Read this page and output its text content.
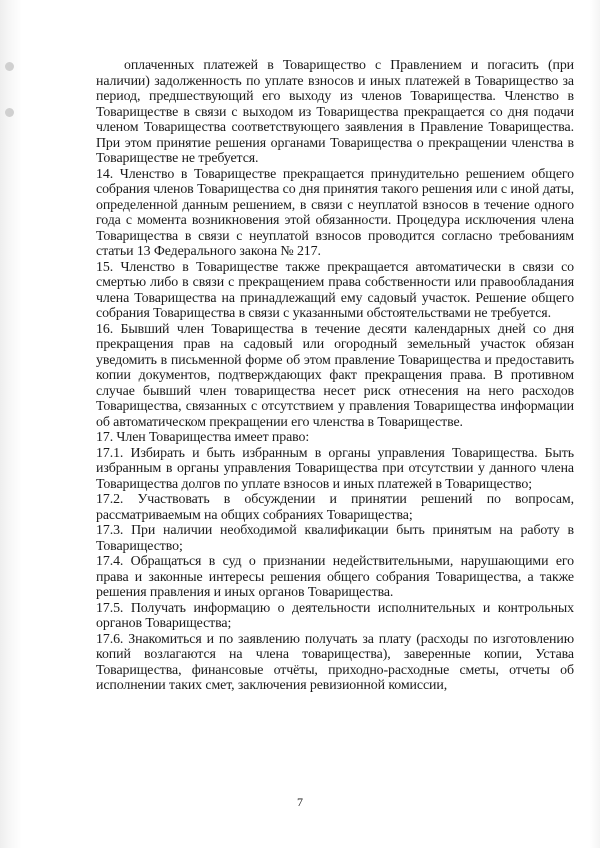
оплаченных платежей в Товарищество с Правлением и погасить (при наличии) задолженность по уплате взносов и иных платежей в Товарищество за период, предшествующий его выходу из членов Товарищества. Членство в Товариществе в связи с выходом из Товарищества прекращается со дня подачи членом Товарищества соответствующего заявления в Правление Товарищества. При этом принятие решения органами Товарищества о прекращении членства в Товариществе не требуется.

14. Членство в Товариществе прекращается принудительно решением общего собрания членов Товарищества со дня принятия такого решения или с иной даты, определенной данным решением, в связи с неуплатой взносов в течение одного года с момента возникновения этой обязанности. Процедура исключения члена Товарищества в связи с неуплатой взносов проводится согласно требованиям статьи 13 Федерального закона № 217.

15. Членство в Товариществе также прекращается автоматически в связи со смертью либо в связи с прекращением права собственности или правообладания члена Товарищества на принадлежащий ему садовый участок. Решение общего собрания Товарищества в связи с указанными обстоятельствами не требуется.

16. Бывший член Товарищества в течение десяти календарных дней со дня прекращения прав на садовый или огородный земельный участок обязан уведомить в письменной форме об этом правление Товарищества и предоставить копии документов, подтверждающих факт прекращения права. В противном случае бывший член товарищества несет риск отнесения на него расходов Товарищества, связанных с отсутствием у правления Товарищества информации об автоматическом прекращении его членства в Товариществе.

17. Член Товарищества имеет право:

17.1. Избирать и быть избранным в органы управления Товарищества. Быть избранным в органы управления Товарищества при отсутствии у данного члена Товарищества долгов по уплате взносов и иных платежей в Товарищество;

17.2. Участвовать в обсуждении и принятии решений по вопросам, рассматриваемым на общих собраниях Товарищества;

17.3. При наличии необходимой квалификации быть принятым на работу в Товарищество;

17.4. Обращаться в суд о признании недействительными, нарушающими его права и законные интересы решения общего собрания Товарищества, а также решения правления и иных органов Товарищества.

17.5. Получать информацию о деятельности исполнительных и контрольных органов Товарищества;

17.6. Знакомиться и по заявлению получать за плату (расходы по изготовлению копий возлагаются на члена товарищества), заверенные копии, Устава Товарищества, финансовые отчёты, приходно-расходные сметы, отчеты об исполнении таких смет, заключения ревизионной комиссии,

7
